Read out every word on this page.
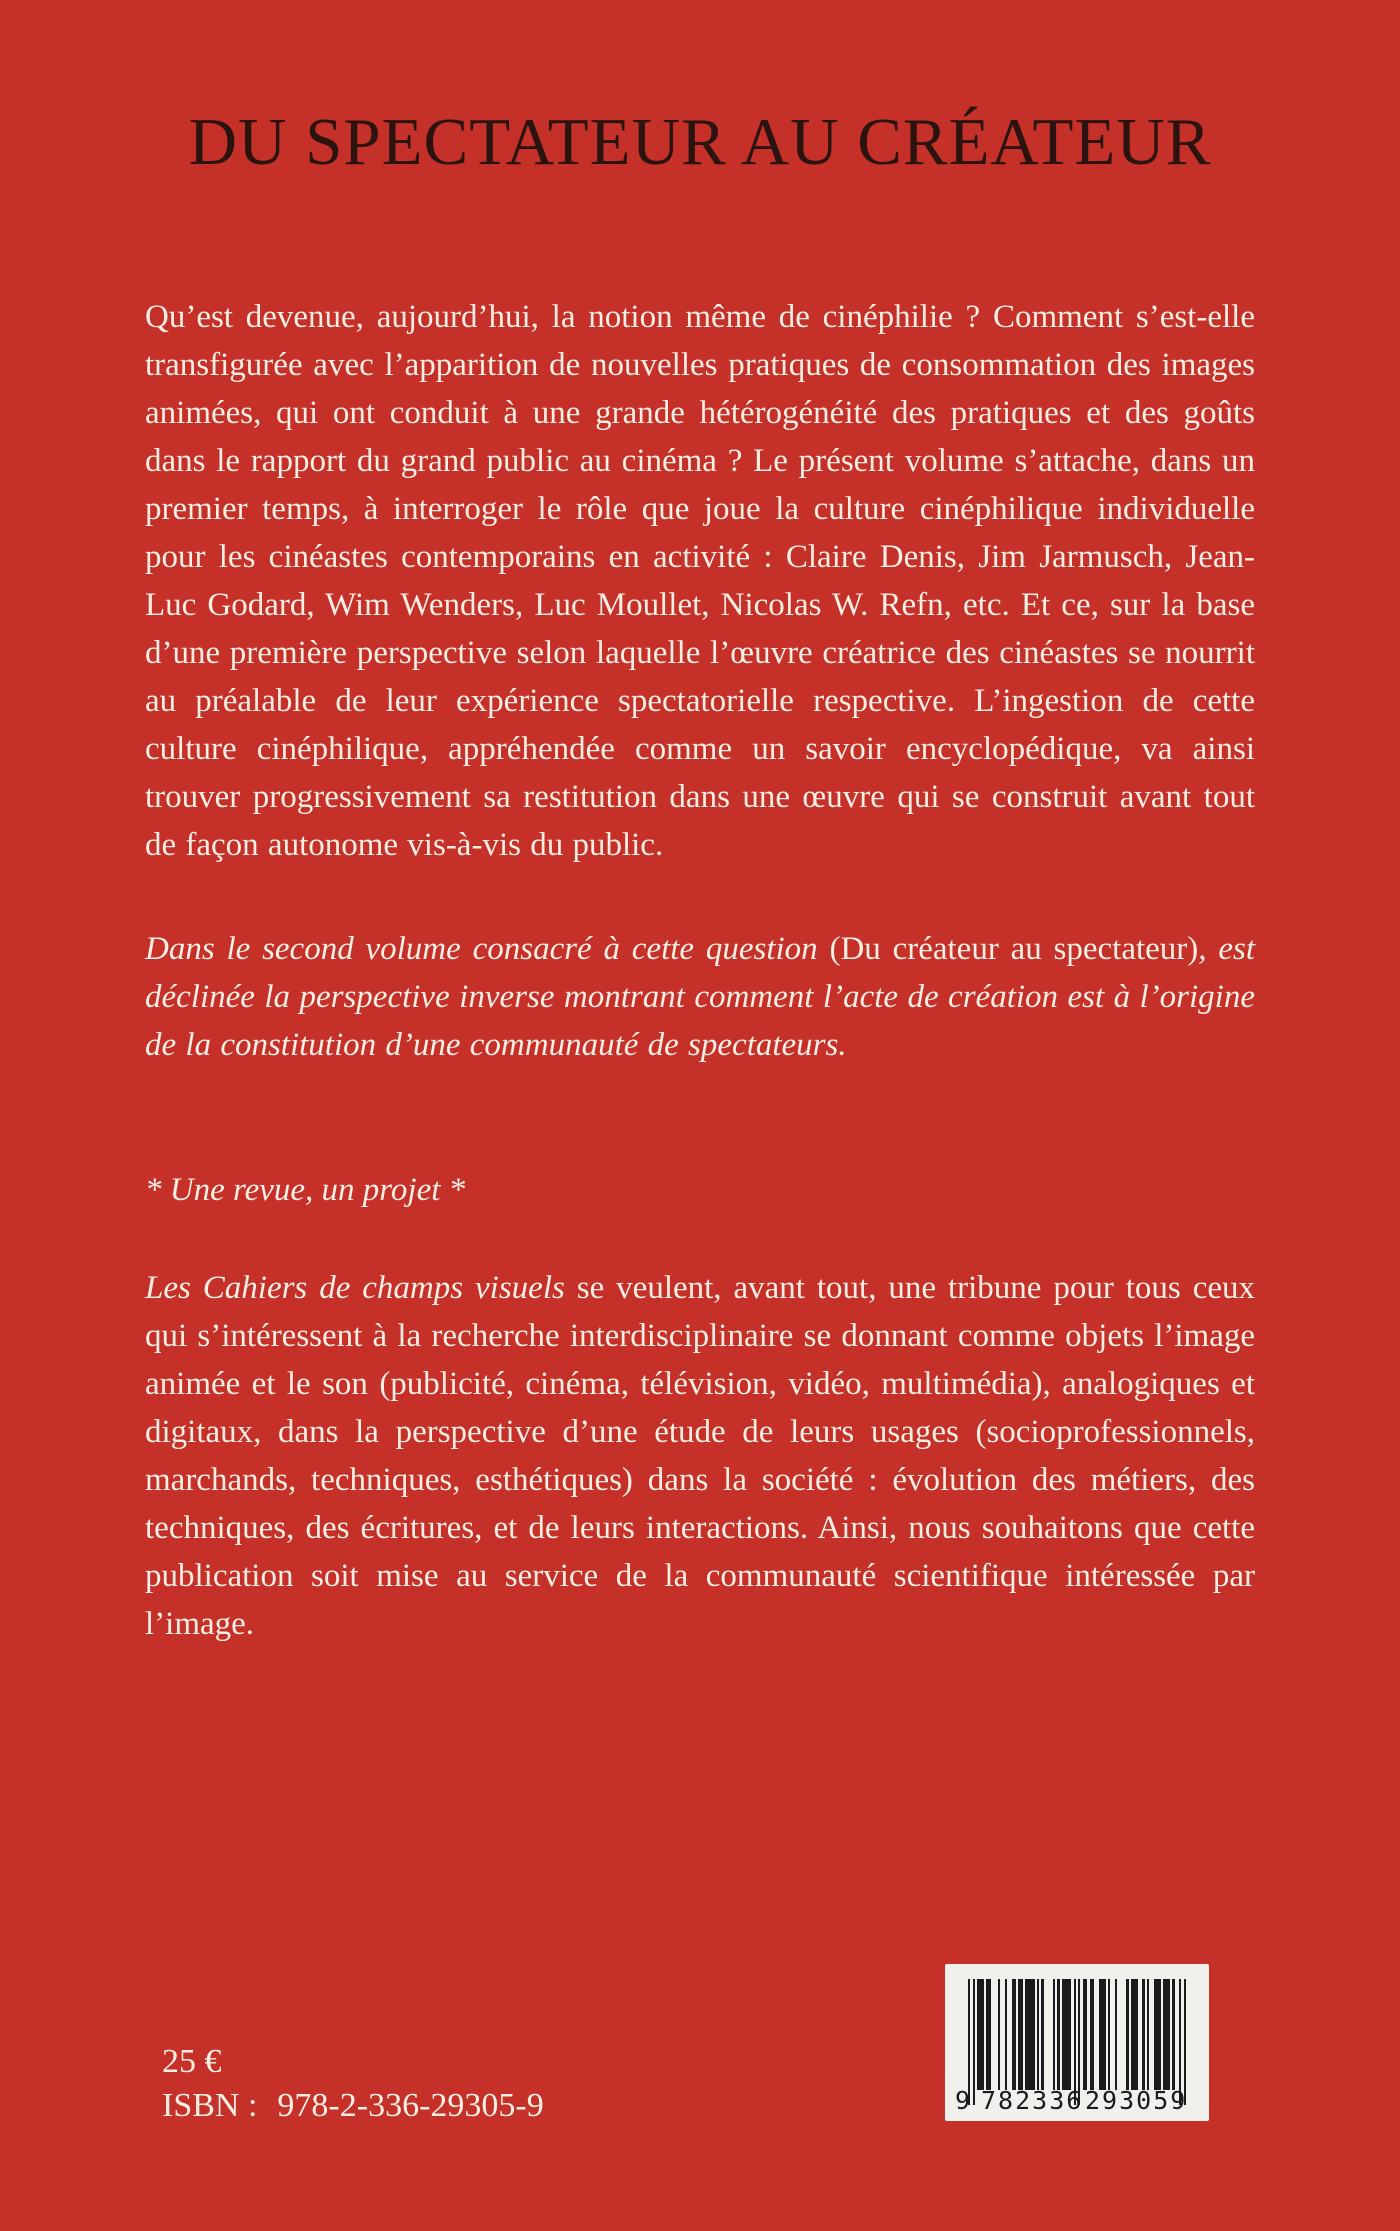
DU SPECTATEUR AU CRÉATEUR

Qu’est devenue, aujourd’hui, la notion même de cinéphilie ? Comment s’est-elle transfigurée avec l’apparition de nouvelles pratiques de consommation des images animées, qui ont conduit à une grande hétérogénéité des pratiques et des goûts dans le rapport du grand public au cinéma ? Le présent volume s’attache, dans un premier temps, à interroger le rôle que joue la culture cinéphilique individuelle pour les cinéastes contemporains en activité : Claire Denis, Jim Jarmusch, Jean-Luc Godard, Wim Wenders, Luc Moullet, Nicolas W. Refn, etc. Et ce, sur la base d’une première perspective selon laquelle l’œuvre créatrice des cinéastes se nourrit au préalable de leur expérience spectatorielle respective. L’ingestion de cette culture cinéphilique, appréhendée comme un savoir encyclopédique, va ainsi trouver progressivement sa restitution dans une œuvre qui se construit avant tout de façon autonome vis-à-vis du public.

Dans le second volume consacré à cette question (Du créateur au spectateur), est déclinée la perspective inverse montrant comment l’acte de création est à l’origine de la constitution d’une communauté de spectateurs.

* Une revue, un projet *

Les Cahiers de champs visuels se veulent, avant tout, une tribune pour tous ceux qui s’intéressent à la recherche interdisciplinaire se donnant comme objets l’image animée et le son (publicité, cinéma, télévision, vidéo, multimédia), analogiques et digitaux, dans la perspective d’une étude de leurs usages (socioprofessionnels, marchands, techniques, esthétiques) dans la société : évolution des métiers, des techniques, des écritures, et de leurs interactions. Ainsi, nous souhaitons que cette publication soit mise au service de la communauté scientifique intéressée par l’image.

25 €
ISBN : 978-2-336-29305-9	9 782336 293059
